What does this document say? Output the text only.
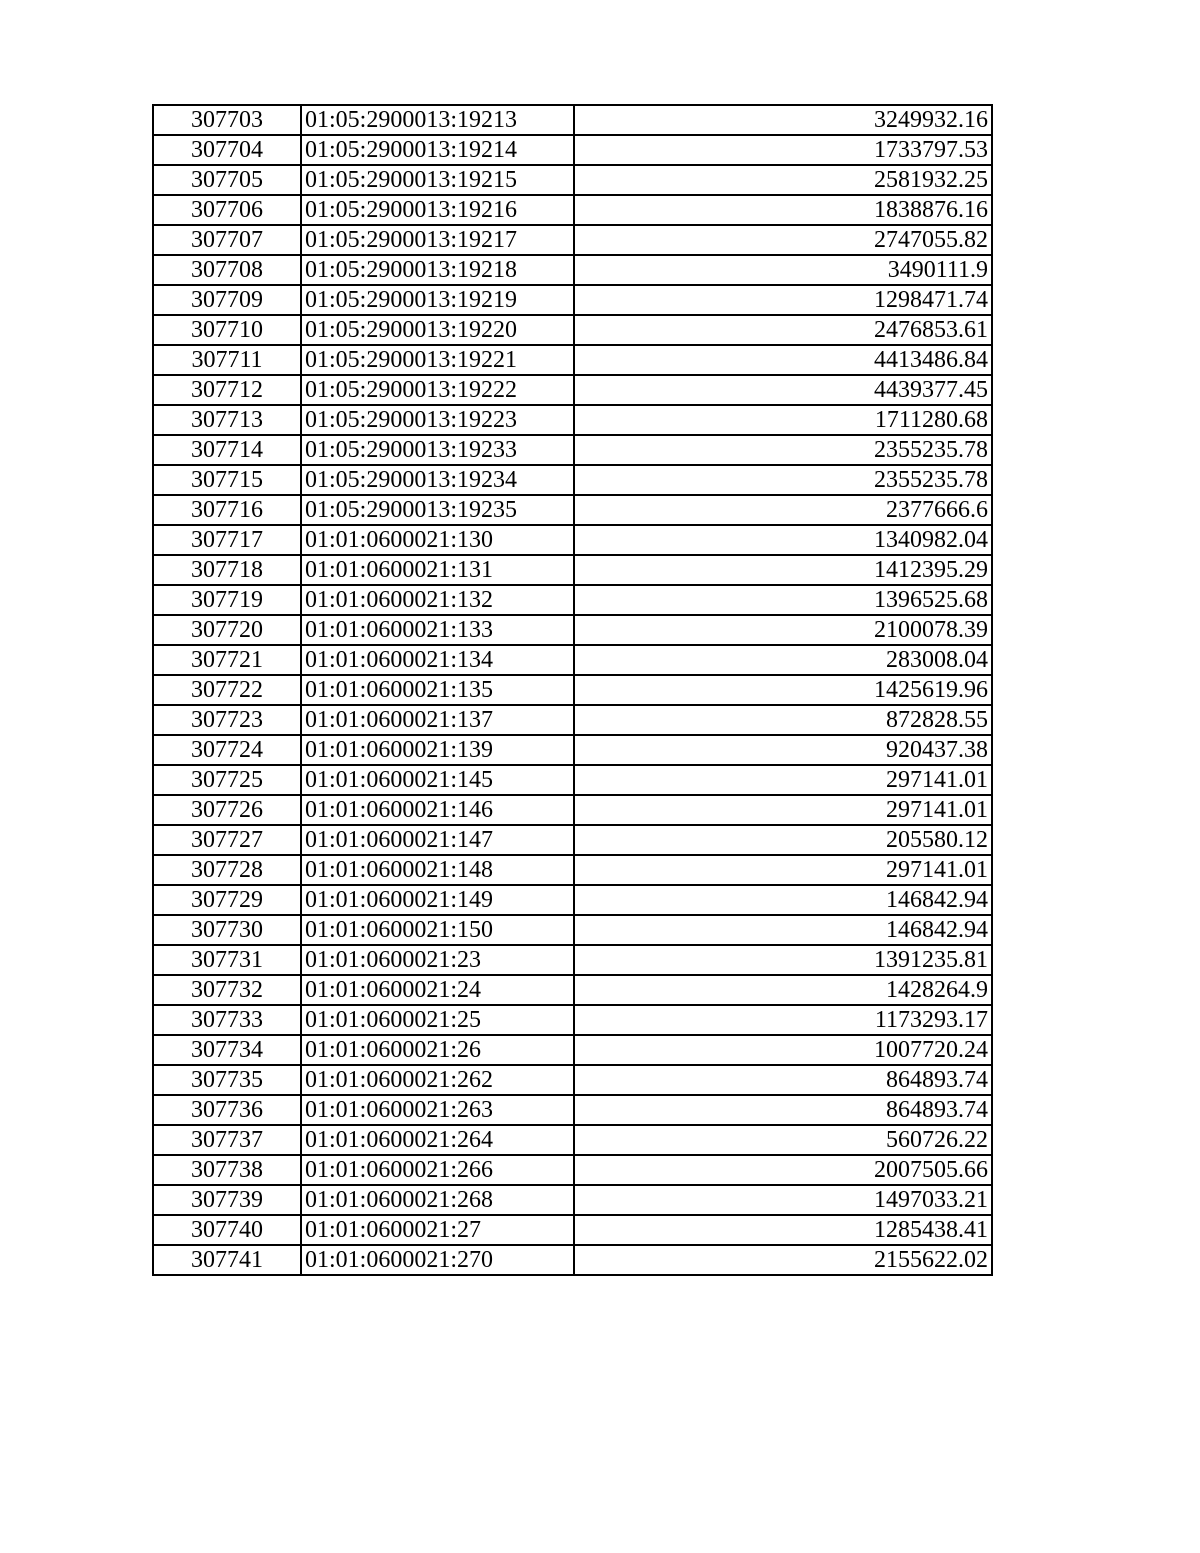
307703	01:05:2900013:19213	3249932.16
307704	01:05:2900013:19214	1733797.53
307705	01:05:2900013:19215	2581932.25
307706	01:05:2900013:19216	1838876.16
307707	01:05:2900013:19217	2747055.82
307708	01:05:2900013:19218	3490111.9
307709	01:05:2900013:19219	1298471.74
307710	01:05:2900013:19220	2476853.61
307711	01:05:2900013:19221	4413486.84
307712	01:05:2900013:19222	4439377.45
307713	01:05:2900013:19223	1711280.68
307714	01:05:2900013:19233	2355235.78
307715	01:05:2900013:19234	2355235.78
307716	01:05:2900013:19235	2377666.6
307717	01:01:0600021:130	1340982.04
307718	01:01:0600021:131	1412395.29
307719	01:01:0600021:132	1396525.68
307720	01:01:0600021:133	2100078.39
307721	01:01:0600021:134	283008.04
307722	01:01:0600021:135	1425619.96
307723	01:01:0600021:137	872828.55
307724	01:01:0600021:139	920437.38
307725	01:01:0600021:145	297141.01
307726	01:01:0600021:146	297141.01
307727	01:01:0600021:147	205580.12
307728	01:01:0600021:148	297141.01
307729	01:01:0600021:149	146842.94
307730	01:01:0600021:150	146842.94
307731	01:01:0600021:23	1391235.81
307732	01:01:0600021:24	1428264.9
307733	01:01:0600021:25	1173293.17
307734	01:01:0600021:26	1007720.24
307735	01:01:0600021:262	864893.74
307736	01:01:0600021:263	864893.74
307737	01:01:0600021:264	560726.22
307738	01:01:0600021:266	2007505.66
307739	01:01:0600021:268	1497033.21
307740	01:01:0600021:27	1285438.41
307741	01:01:0600021:270	2155622.02
